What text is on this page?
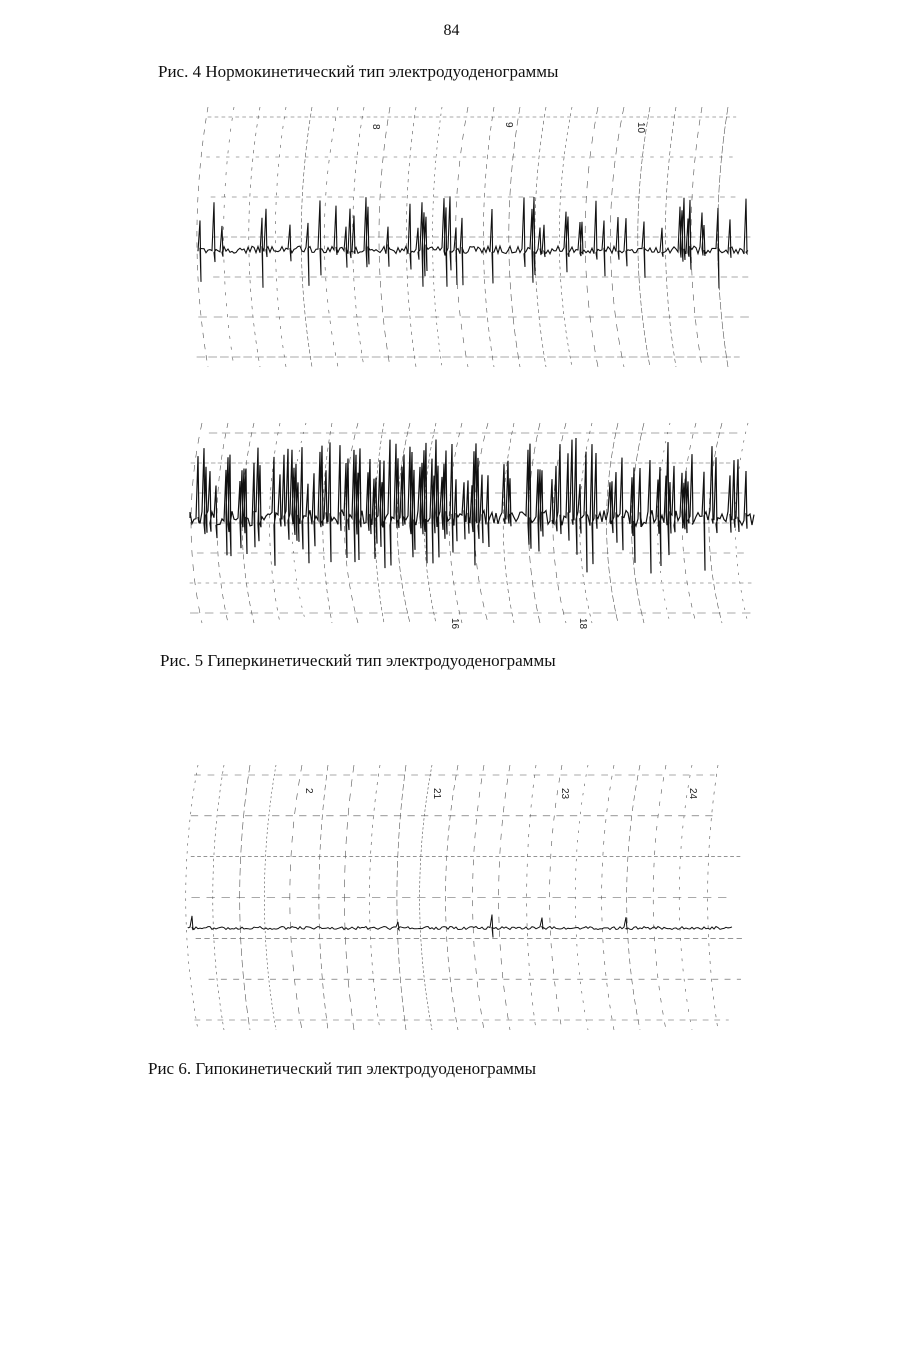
84
Рис. 4 Нормокинетический тип электродуоденограммы
8	9	10
16	18
Рис. 5 Гиперкинетический тип электродуоденограммы
2	21	23	24
Рис 6. Гипокинетический тип электродуоденограммы
